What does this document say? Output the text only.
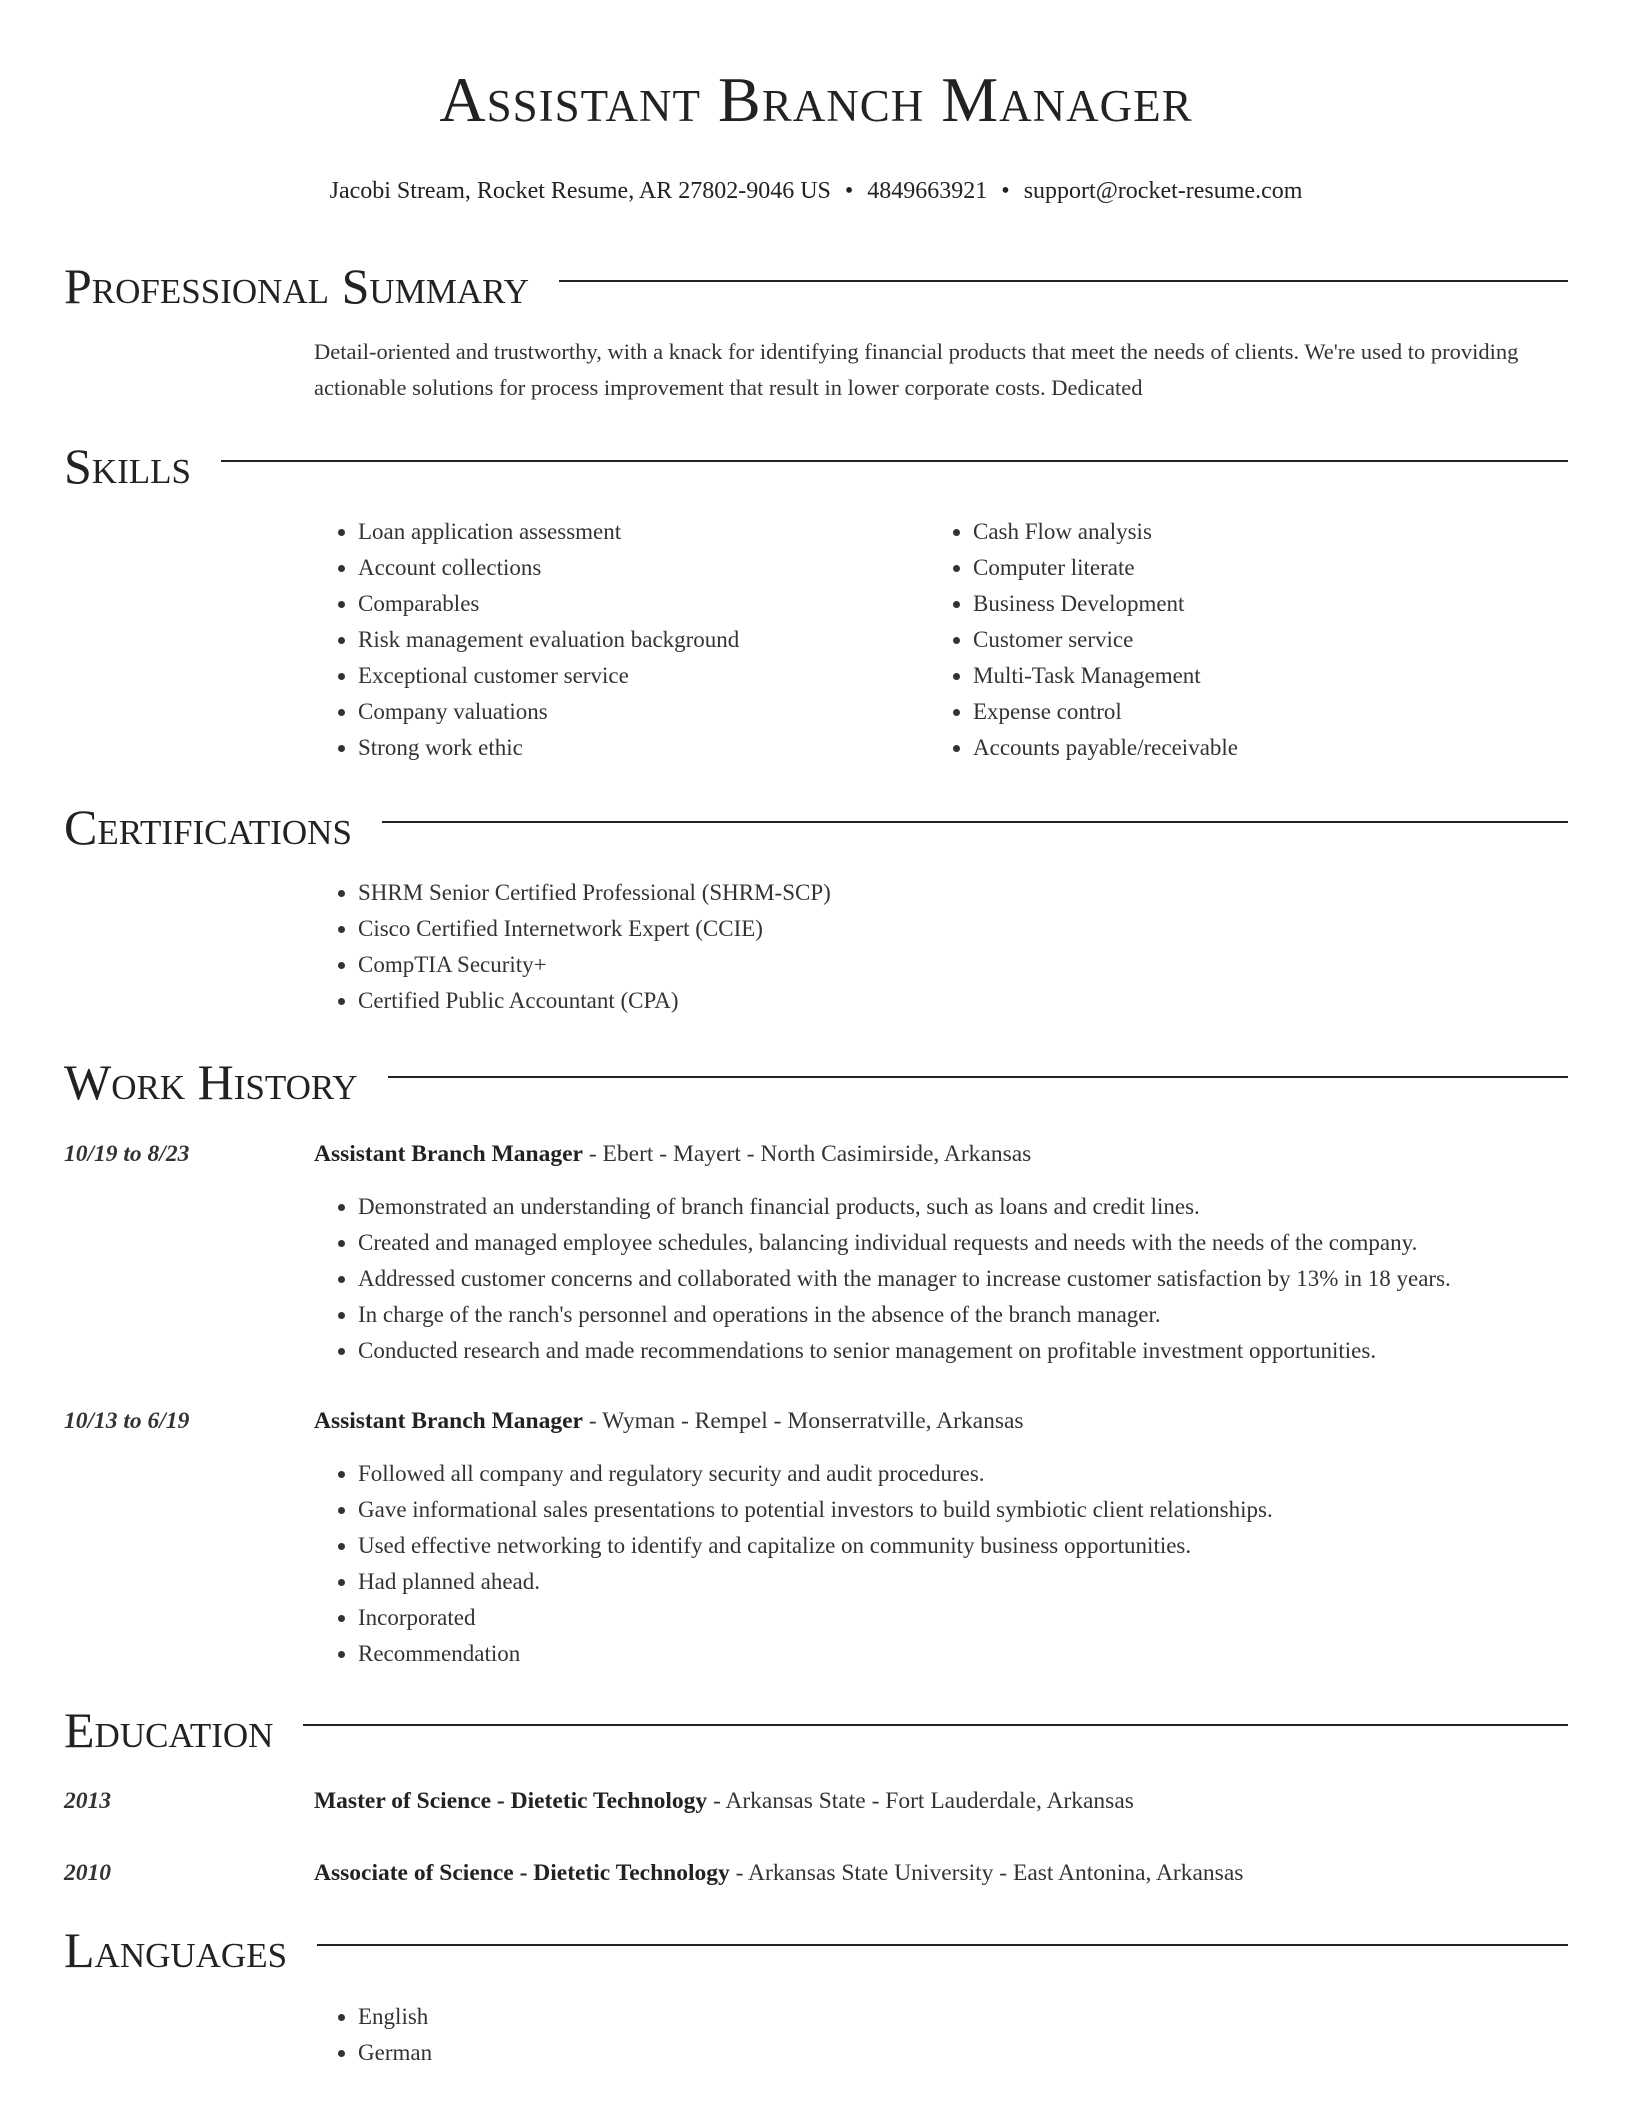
Assistant Branch Manager
Jacobi Stream, Rocket Resume, AR 27802-9046 US • 4849663921 • support@rocket-resume.com
Professional Summary

Detail-oriented and trustworthy, with a knack for identifying financial products that meet the needs of clients. We're used to providing actionable solutions for process improvement that result in lower corporate costs. Dedicated

Skills
• Loan application assessment
• Account collections
• Comparables
• Risk management evaluation background
• Exceptional customer service
• Company valuations
• Strong work ethic
• Cash Flow analysis
• Computer literate
• Business Development
• Customer service
• Multi-Task Management
• Expense control
• Accounts payable/receivable
Certifications
• SHRM Senior Certified Professional (SHRM-SCP)
• Cisco Certified Internetwork Expert (CCIE)
• CompTIA Security+
• Certified Public Accountant (CPA)
Work History
10/19 to 8/23	Assistant Branch Manager - Ebert - Mayert - North Casimirside, Arkansas
• Demonstrated an understanding of branch financial products, such as loans and credit lines.
• Created and managed employee schedules, balancing individual requests and needs with the needs of the company.
• Addressed customer concerns and collaborated with the manager to increase customer satisfaction by 13% in 18 years.
• In charge of the ranch's personnel and operations in the absence of the branch manager.
• Conducted research and made recommendations to senior management on profitable investment opportunities.
10/13 to 6/19	Assistant Branch Manager - Wyman - Rempel - Monserratville, Arkansas
• Followed all company and regulatory security and audit procedures.
• Gave informational sales presentations to potential investors to build symbiotic client relationships.
• Used effective networking to identify and capitalize on community business opportunities.
• Had planned ahead.
• Incorporated
• Recommendation
Education
2013	Master of Science - Dietetic Technology - Arkansas State - Fort Lauderdale, Arkansas
2010	Associate of Science - Dietetic Technology - Arkansas State University - East Antonina, Arkansas
Languages
• English
• German
